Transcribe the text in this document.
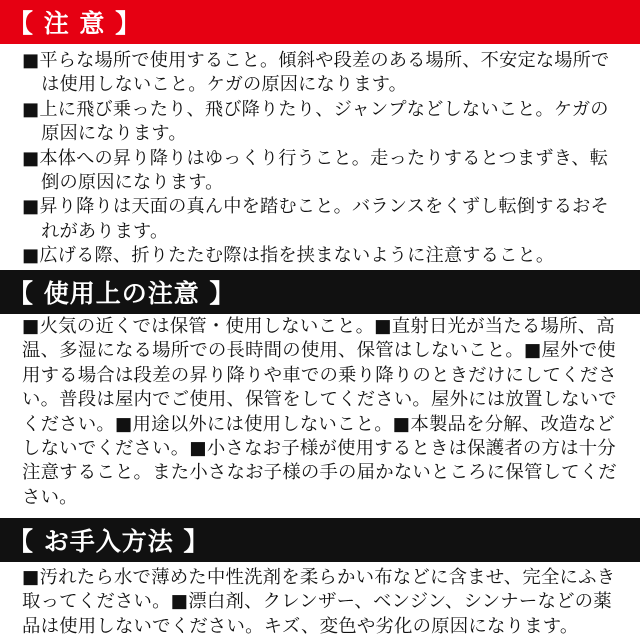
【 注 意 】

■平らな場所で使用すること。傾斜や段差のある場所、不安定な場所では使用しないこと。ケガの原因になります。

■上に飛び乗ったり、飛び降りたり、ジャンプなどしないこと。ケガの原因になります。

■本体への昇り降りはゆっくり行うこと。走ったりするとつまずき、転倒の原因になります。

■昇り降りは天面の真ん中を踏むこと。バランスをくずし転倒するおそれがあります。

■広げる際、折りたたむ際は指を挟まないように注意すること。

【 使用上の注意 】

■火気の近くでは保管・使用しないこと。■直射日光が当たる場所、高温、多湿になる場所での長時間の使用、保管はしないこと。■屋外で使用する場合は段差の昇り降りや車での乗り降りのときだけにしてください。普段は屋内でご使用、保管をしてください。屋外には放置しないでください。■用途以外には使用しないこと。■本製品を分解、改造などしないでください。■小さなお子様が使用するときは保護者の方は十分注意すること。また小さなお子様の手の届かないところに保管してください。

【 お手入方法 】

■汚れたら水で薄めた中性洗剤を柔らかい布などに含ませ、完全にふき取ってください。■漂白剤、クレンザー、ベンジン、シンナーなどの薬品は使用しないでください。キズ、変色や劣化の原因になります。
